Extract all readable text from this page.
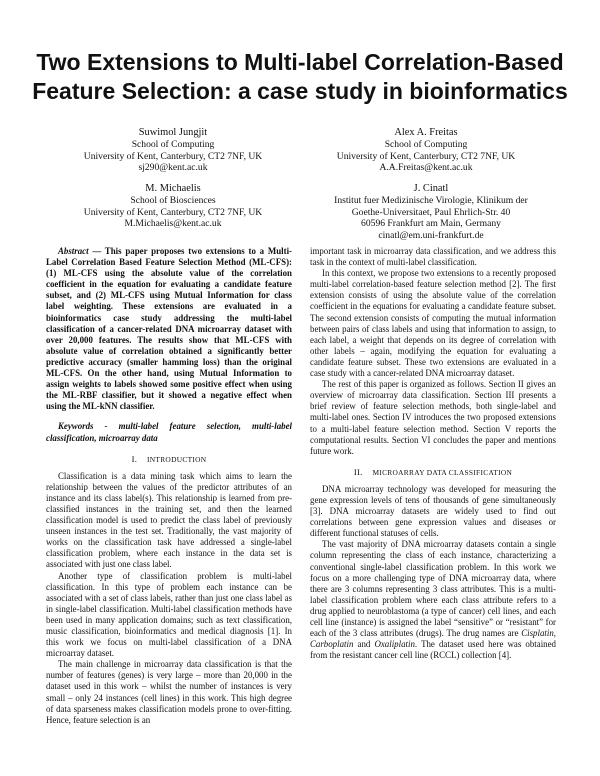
Two Extensions to Multi-label Correlation-Based Feature Selection: a case study in bioinformatics
Suwimol Jungjit
School of Computing
University of Kent, Canterbury, CT2 7NF, UK
sj290@kent.ac.uk
Alex A. Freitas
School of Computing
University of Kent, Canterbury, CT2 7NF, UK
A.A.Freitas@kent.ac.uk
M. Michaelis
School of Biosciences
University of Kent, Canterbury, CT2 7NF, UK
M.Michaelis@kent.ac.uk
J. Cinatl
Institut fuer Medizinische Virologie, Klinikum der
Goethe-Universitaet, Paul Ehrlich-Str. 40
60596 Frankfurt am Main, Germany
cinatl@em.uni-frankfurt.de

Abstract — This paper proposes two extensions to a Multi-Label Correlation Based Feature Selection Method (ML-CFS): (1) ML-CFS using the absolute value of the correlation coefficient in the equation for evaluating a candidate feature subset, and (2) ML-CFS using Mutual Information for class label weighting. These extensions are evaluated in a bioinformatics case study addressing the multi-label classification of a cancer-related DNA microarray dataset with over 20,000 features. The results show that ML-CFS with absolute value of correlation obtained a significantly better predictive accuracy (smaller hamming loss) than the original ML-CFS. On the other hand, using Mutual Information to assign weights to labels showed some positive effect when using the ML-RBF classifier, but it showed a negative effect when using the ML-kNN classifier.

Keywords - multi-label feature selection, multi-label classification, microarray data

I. INTRODUCTION

Classification is a data mining task which aims to learn the relationship between the values of the predictor attributes of an instance and its class label(s). This relationship is learned from pre-classified instances in the training set, and then the learned classification model is used to predict the class label of previously unseen instances in the test set. Traditionally, the vast majority of works on the classification task have addressed a single-label classification problem, where each instance in the data set is associated with just one class label.

Another type of classification problem is multi-label classification. In this type of problem each instance can be associated with a set of class labels, rather than just one class label as in single-label classification. Multi-label classification methods have been used in many application domains; such as text classification, music classification, bioinformatics and medical diagnosis [1]. In this work we focus on multi-label classification of a DNA microarray dataset.

The main challenge in microarray data classification is that the number of features (genes) is very large – more than 20,000 in the dataset used in this work – whilst the number of instances is very small – only 24 instances (cell lines) in this work. This high degree of data sparseness makes classification models prone to over-fitting. Hence, feature selection is an

important task in microarray data classification, and we address this task in the context of multi-label classification.

In this context, we propose two extensions to a recently proposed multi-label correlation-based feature selection method [2]. The first extension consists of using the absolute value of the correlation coefficient in the equations for evaluating a candidate feature subset. The second extension consists of computing the mutual information between pairs of class labels and using that information to assign, to each label, a weight that depends on its degree of correlation with other labels – again, modifying the equation for evaluating a candidate feature subset. These two extensions are evaluated in a case study with a cancer-related DNA microarray dataset.

The rest of this paper is organized as follows. Section II gives an overview of microarray data classification. Section III presents a brief review of feature selection methods, both single-label and multi-label ones. Section IV introduces the two proposed extensions to a multi-label feature selection method. Section V reports the computational results. Section VI concludes the paper and mentions future work.

II. MICROARRAY DATA CLASSIFICATION

DNA microarray technology was developed for measuring the gene expression levels of tens of thousands of gene simultaneously [3]. DNA microarray datasets are widely used to find out correlations between gene expression values and diseases or different functional statuses of cells.

The vast majority of DNA microarray datasets contain a single column representing the class of each instance, characterizing a conventional single-label classification problem. In this work we focus on a more challenging type of DNA microarray data, where there are 3 columns representing 3 class attributes. This is a multi-label classification problem where each class attribute refers to a drug applied to neuroblastoma (a type of cancer) cell lines, and each cell line (instance) is assigned the label “sensitive” or “resistant” for each of the 3 class attributes (drugs). The drug names are Cisplatin, Carboplatin and Oxaliplatin. The dataset used here was obtained from the resistant cancer cell line (RCCL) collection [4].
